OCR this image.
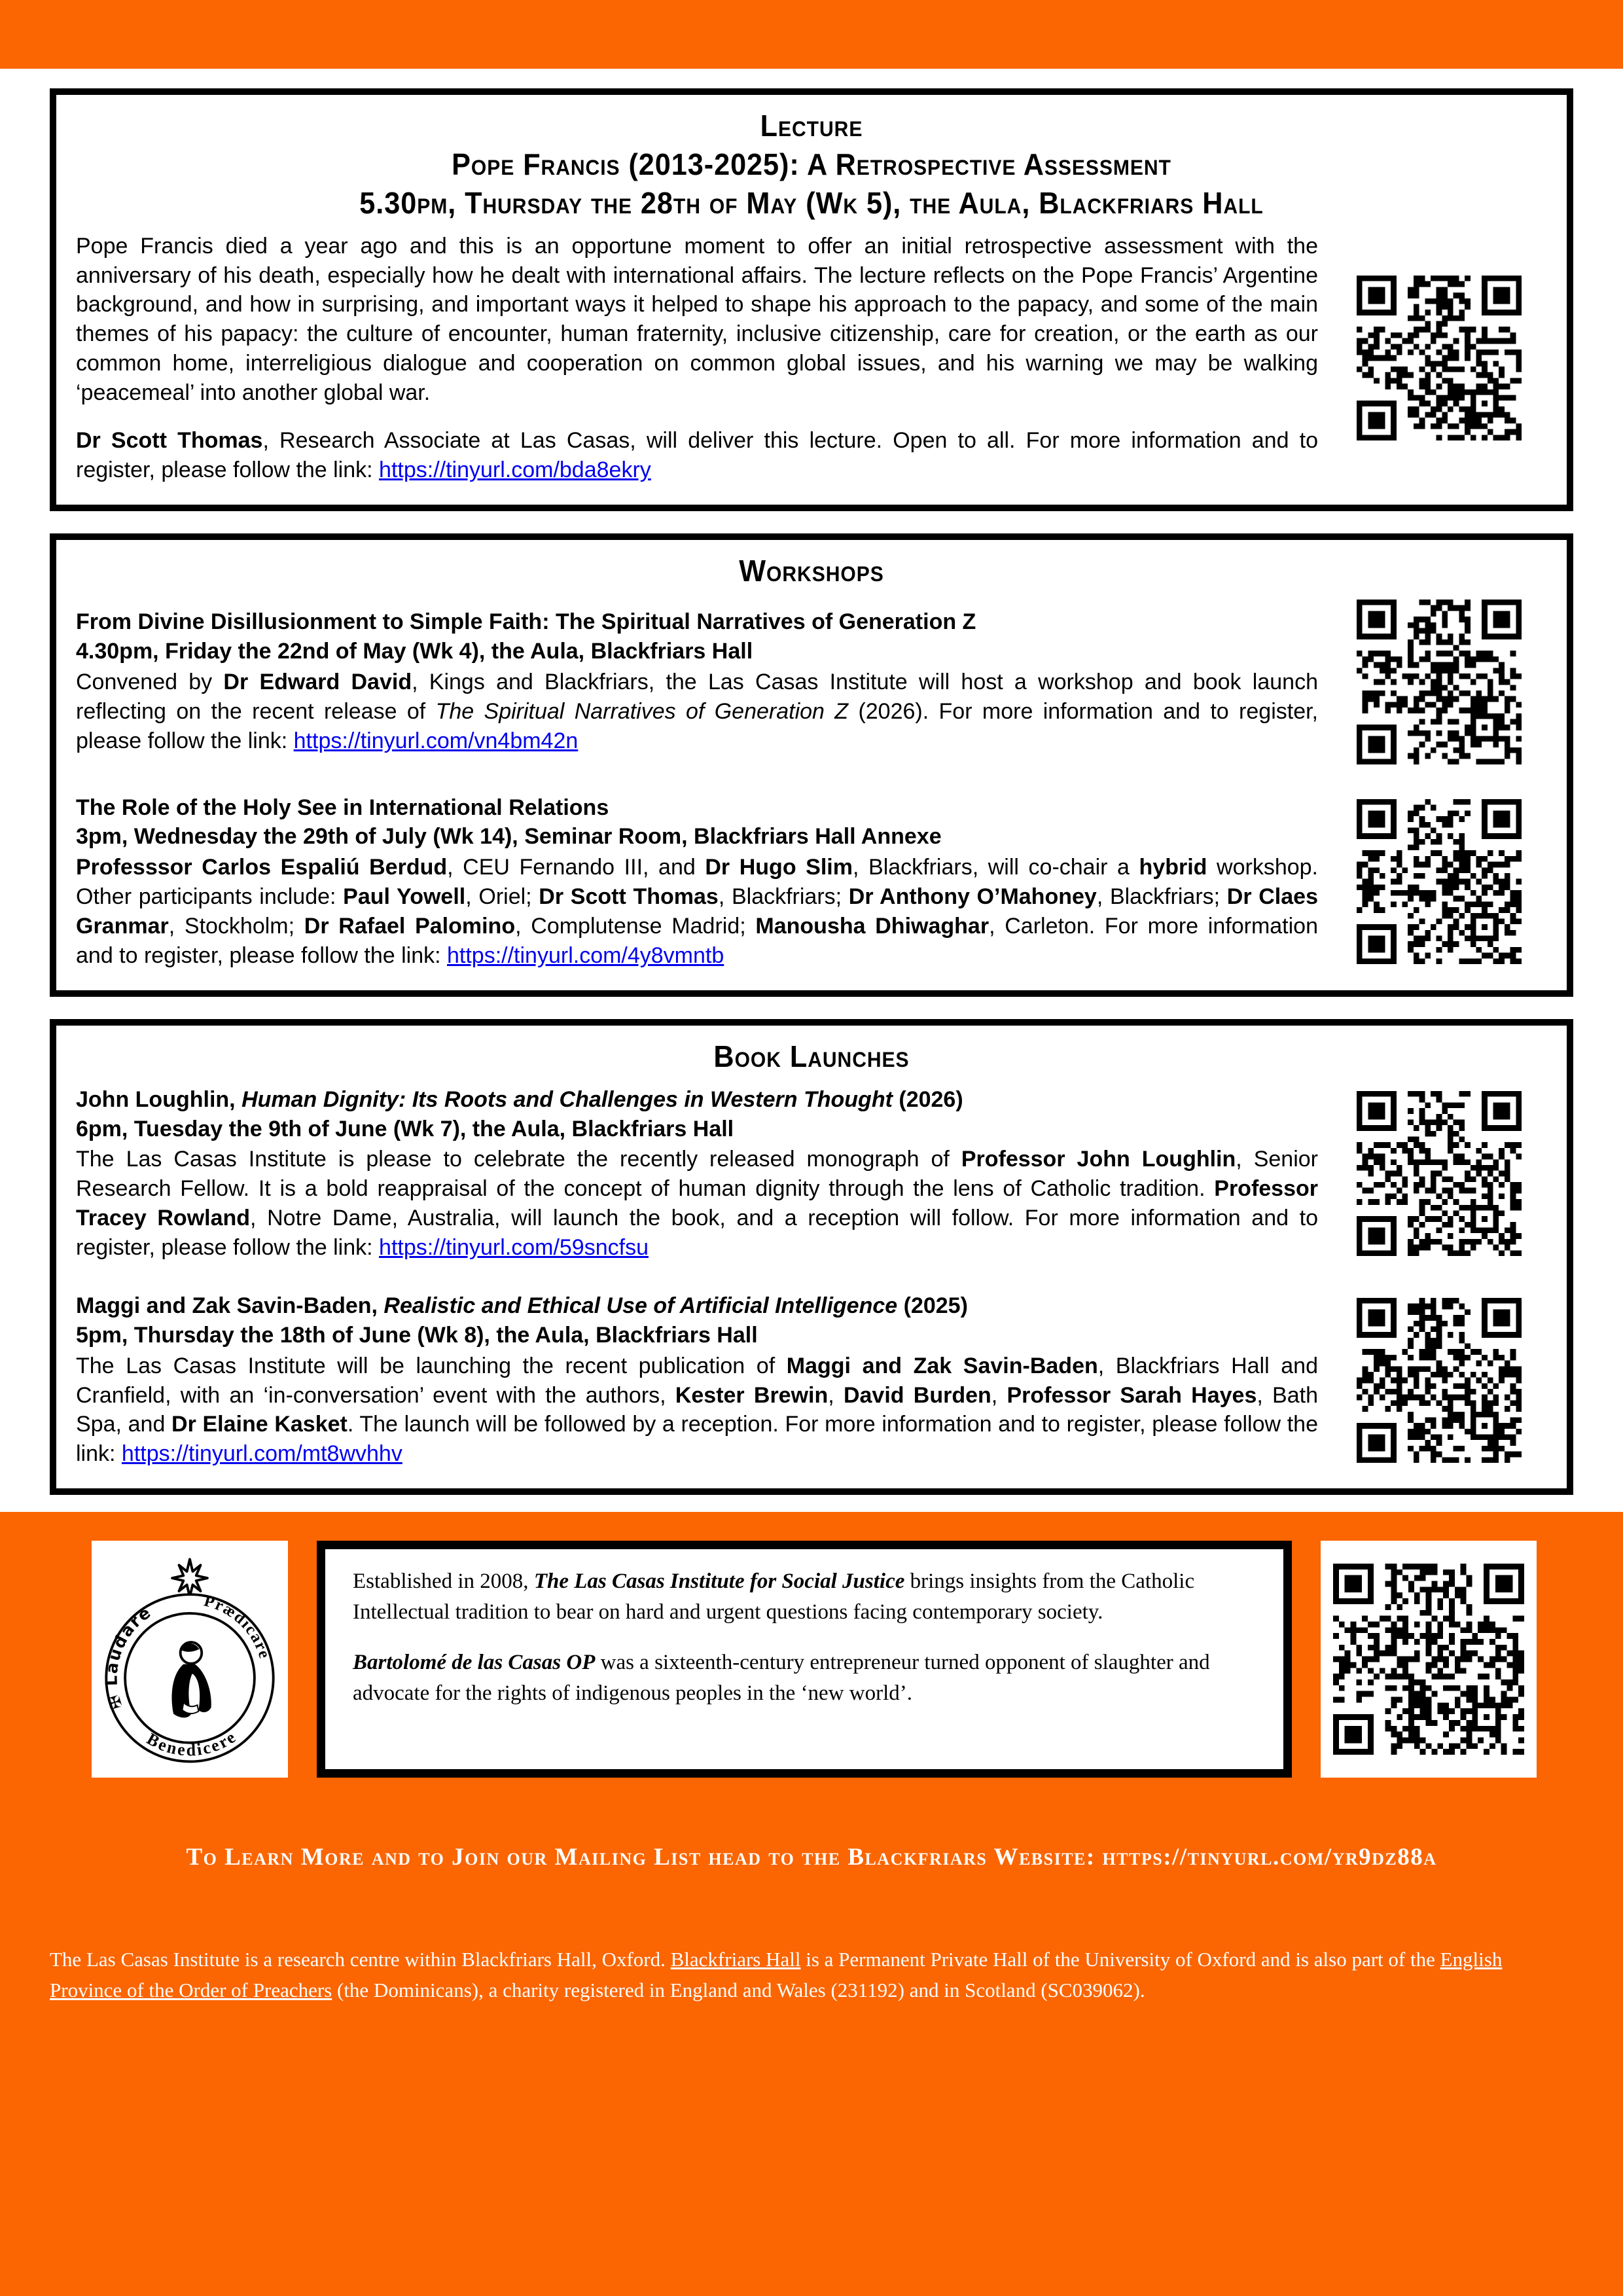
Lecture
Pope Francis (2013-2025): A Retrospective Assessment
5.30pm, Thursday the 28th of May (Wk 5), the Aula, Blackfriars Hall

Pope Francis died a year ago and this is an opportune moment to offer an initial retrospective assessment with the anniversary of his death, especially how he dealt with international affairs. The lecture reflects on the Pope Francis’ Argentine background, and how in surprising, and important ways it helped to shape his approach to the papacy, and some of the main themes of his papacy: the culture of encounter, human fraternity, inclusive citizenship, care for creation, or the earth as our common home, interreligious dialogue and cooperation on common global issues, and his warning we may be walking ‘peacemeal’ into another global war.

Dr Scott Thomas, Research Associate at Las Casas, will deliver this lecture. Open to all. For more information and to register, please follow the link: https://tinyurl.com/bda8ekry

Workshops
From Divine Disillusionment to Simple Faith: The Spiritual Narratives of Generation Z
4.30pm, Friday the 22nd of May (Wk 4), the Aula, Blackfriars Hall

Convened by Dr Edward David, Kings and Blackfriars, the Las Casas Institute will host a workshop and book launch reflecting on the recent release of The Spiritual Narratives of Generation Z (2026). For more information and to register, please follow the link: https://tinyurl.com/vn4bm42n

The Role of the Holy See in International Relations
3pm, Wednesday the 29th of July (Wk 14), Seminar Room, Blackfriars Hall Annexe

Professsor Carlos Espaliú Berdud, CEU Fernando III, and Dr Hugo Slim, Blackfriars, will co-chair a hybrid workshop. Other participants include: Paul Yowell, Oriel; Dr Scott Thomas, Blackfriars; Dr Anthony O’Mahoney, Blackfriars; Dr Claes Granmar, Stockholm; Dr Rafael Palomino, Complutense Madrid; Manousha Dhiwaghar, Carleton. For more information and to register, please follow the link: https://tinyurl.com/4y8vmntb

Book Launches
John Loughlin, Human Dignity: Its Roots and Challenges in Western Thought (2026)
6pm, Tuesday the 9th of June (Wk 7), the Aula, Blackfriars Hall

The Las Casas Institute is please to celebrate the recently released monograph of Professor John Loughlin, Senior Research Fellow. It is a bold reappraisal of the concept of human dignity through the lens of Catholic tradition. Professor Tracey Rowland, Notre Dame, Australia, will launch the book, and a reception will follow. For more information and to register, please follow the link: https://tinyurl.com/59sncfsu

Maggi and Zak Savin-Baden, Realistic and Ethical Use of Artificial Intelligence (2025)
5pm, Thursday the 18th of June (Wk 8), the Aula, Blackfriars Hall

The Las Casas Institute will be launching the recent publication of Maggi and Zak Savin-Baden, Blackfriars Hall and Cranfield, with an ‘in-conversation’ event with the authors, Kester Brewin, David Burden, Professor Sarah Hayes, Bath Spa, and Dr Elaine Kasket. The launch will be followed by a reception. For more information and to register, please follow the link: https://tinyurl.com/mt8wvhhv

✠ Laudare
Prædicare
Benedicere

Established in 2008, The Las Casas Institute for Social Justice brings insights from the Catholic Intellectual tradition to bear on hard and urgent questions facing contemporary society.

Bartolomé de las Casas OP was a sixteenth-century entrepreneur turned opponent of slaughter and advocate for the rights of indigenous peoples in the ‘new world’.

To Learn More and to Join our Mailing List head to the Blackfriars Website: https://tinyurl.com/yr9dz88a

The Las Casas Institute is a research centre within Blackfriars Hall, Oxford. Blackfriars Hall is a Permanent Private Hall of the University of Oxford and is also part of the English Province of the Order of Preachers (the Dominicans), a charity registered in England and Wales (231192) and in Scotland (SC039062).
